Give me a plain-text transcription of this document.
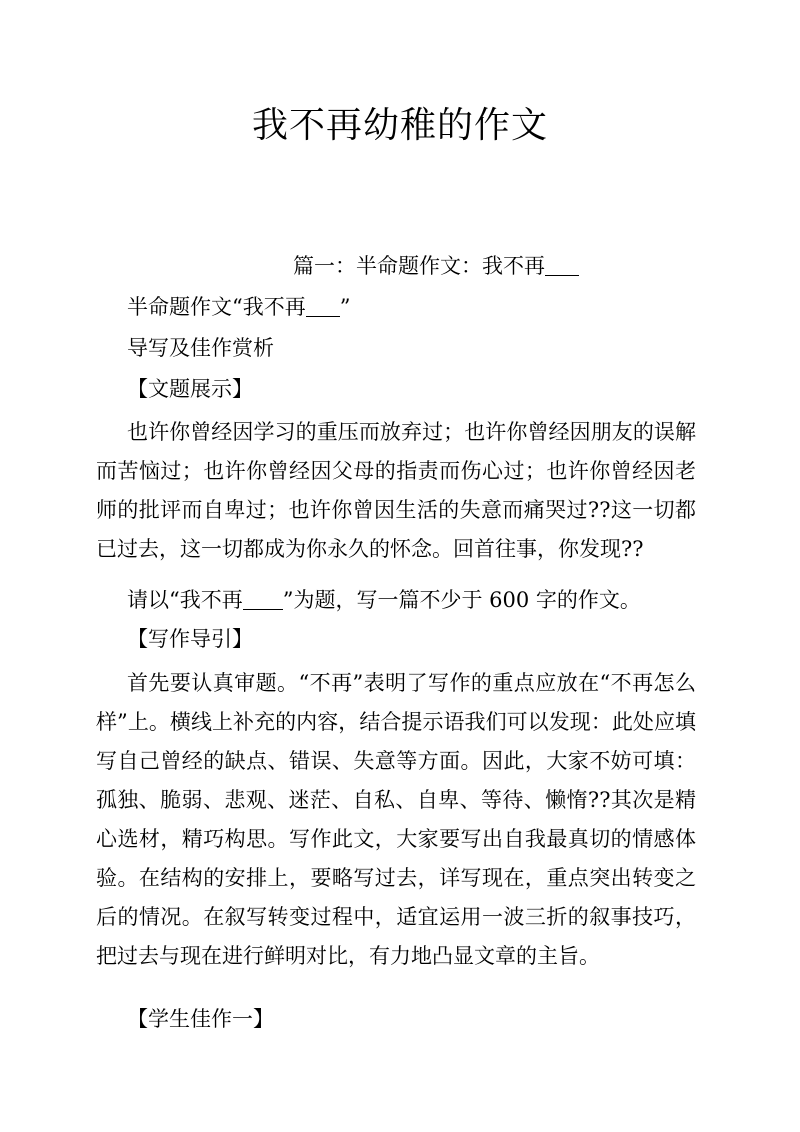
我不再幼稚的作文
篇一：半命题作文：我不再
半命题作文“我不再 ”
导写及佳作赏析
【文题展示】
也许你曾经因学习的重压而放弃过；也许你曾经因朋友的误解而苦恼过；也许你曾经因父母的指责而伤心过；也许你曾经因老师的批评而自卑过；也许你曾因生活的失意而痛哭过??这一切都已过去，这一切都成为你永久的怀念。回首往事，你发现??
请以“我不再 ”为题，写一篇不少于 600 字的作文。
【写作导引】
首先要认真审题。“不再”表明了写作的重点应放在“不再怎么样”上。横线上补充的内容，结合提示语我们可以发现：此处应填写自己曾经的缺点、错误、失意等方面。因此，大家不妨可填：孤独、脆弱、悲观、迷茫、自私、自卑、等待、懒惰??其次是精心选材，精巧构思。写作此文，大家要写出自我最真切的情感体验。在结构的安排上，要略写过去，详写现在，重点突出转变之后的情况。在叙写转变过程中，适宜运用一波三折的叙事技巧，把过去与现在进行鲜明对比，有力地凸显文章的主旨。
【学生佳作一】
